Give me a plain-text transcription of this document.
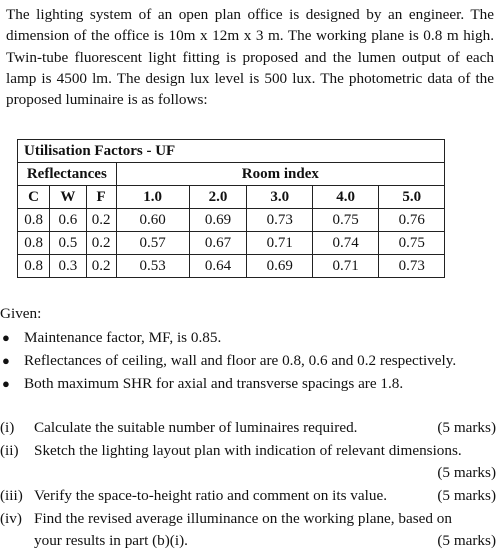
The lighting system of an open plan office is designed by an engineer. The dimension of the office is 10m x 12m x 3 m. The working plane is 0.8 m high. Twin-tube fluorescent light fitting is proposed and the lumen output of each lamp is 4500 lm. The design lux level is 500 lux. The photometric data of the proposed luminaire is as follows:

Utilisation Factors - UF							
Reflectances			Room index				
C	W	F	1.0	2.0	3.0	4.0	5.0
0.8	0.6	0.2	0.60	0.69	0.73	0.75	0.76
0.8	0.5	0.2	0.57	0.67	0.71	0.74	0.75
0.8	0.3	0.2	0.53	0.64	0.69	0.71	0.73

Given:

● Maintenance factor, MF, is 0.85.
● Reflectances of ceiling, wall and floor are 0.8, 0.6 and 0.2 respectively.
● Both maximum SHR for axial and transverse spacings are 1.8.
(i) Calculate the suitable number of luminaires required.	(5 marks)
(ii) Sketch the lighting layout plan with indication of relevant dimensions.
(5 marks)
(iii) Verify the space-to-height ratio and comment on its value.	(5 marks)
(iv) Find the revised average illuminance on the working plane, based on
your results in part (b)(i).	(5 marks)
